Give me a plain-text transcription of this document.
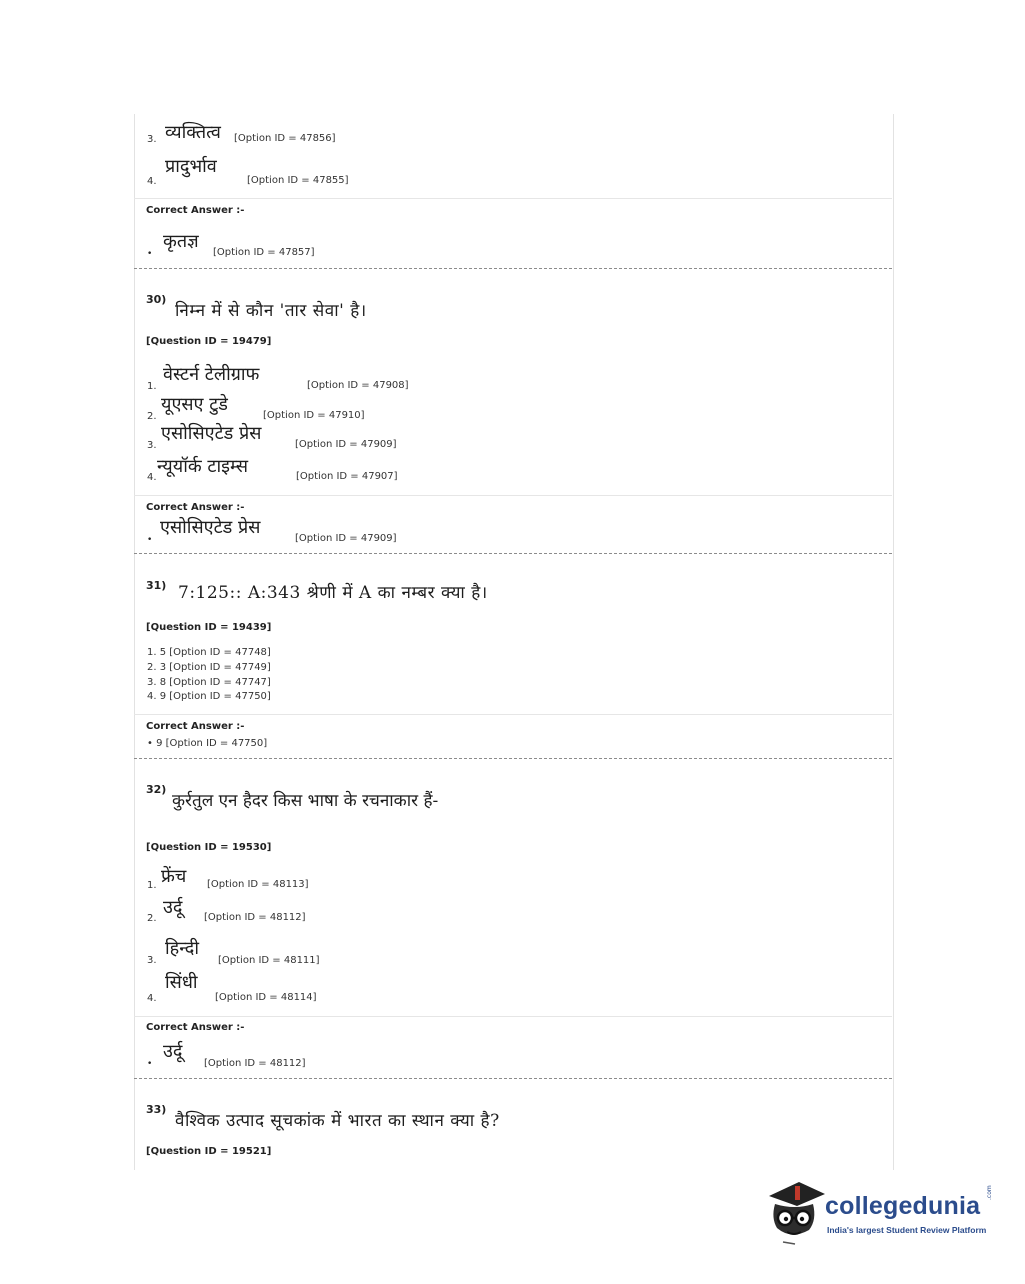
3. व्यक्तित्व [Option ID = 47856]
4.
प्रादुर्भाव
[Option ID = 47855]
Correct Answer :-
•
कृतज्ञ
[Option ID = 47857]
30)
निम्न में से कौन 'तार सेवा' है।
[Question ID = 19479]
1.
वेस्टर्न टेलीग्राफ
[Option ID = 47908]
2.
यूएसए टुडे
[Option ID = 47910]
3.
एसोसिएटेड प्रेस
[Option ID = 47909]
4.
न्यूयॉर्क टाइम्स	[Option ID = 47907]
Correct Answer :-
•
एसोसिएटेड प्रेस
[Option ID = 47909]
31) 7:125:: A:343 श्रेणी में A का नम्बर क्या है।
[Question ID = 19439]
1. 5 [Option ID = 47748]
2. 3 [Option ID = 47749]
3. 8 [Option ID = 47747]
4. 9 [Option ID = 47750]
Correct Answer :-
• 9 [Option ID = 47750]
32)
कुर्रतुल एन हैदर किस भाषा के रचनाकार हैं-
[Question ID = 19530]
1. फ्रेंच [Option ID = 48113]
2.
उर्दू [Option ID = 48112]
3.
हिन्दी
[Option ID = 48111]
4.
सिंधी
[Option ID = 48114]
Correct Answer :-
•
उर्दू
[Option ID = 48112]
33)
वैश्विक उत्पाद सूचकांक में भारत का स्थान क्या है?
[Question ID = 19521]
collegedunia .com
India's largest Student Review Platform
